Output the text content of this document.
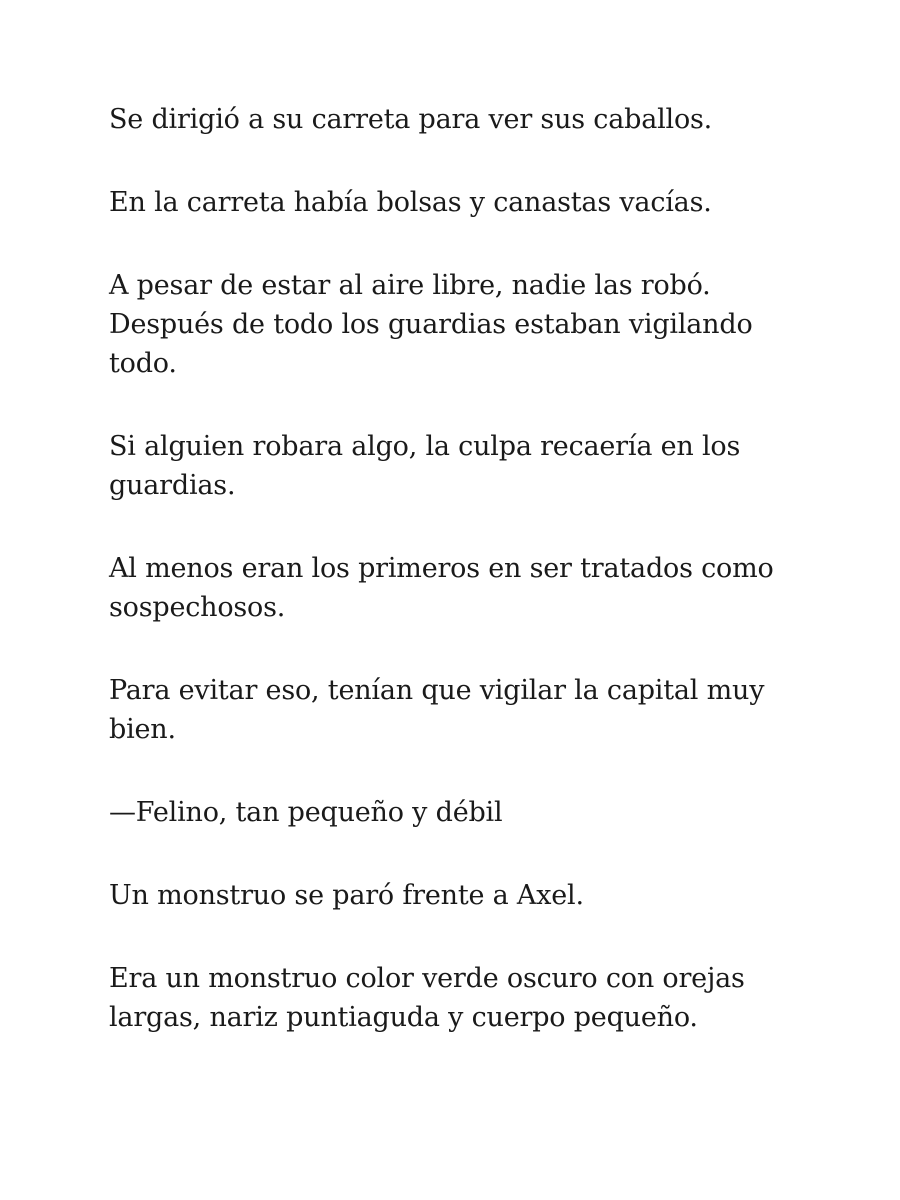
Se dirigió a su carreta para ver sus caballos.

En la carreta había bolsas y canastas vacías.

A pesar de estar al aire libre, nadie las robó. Después de todo los guardias estaban vigilando todo.

Si alguien robara algo, la culpa recaería en los guardias.

Al menos eran los primeros en ser tratados como sospechosos.

Para evitar eso, tenían que vigilar la capital muy bien.

—Felino, tan pequeño y débil

Un monstruo se paró frente a Axel.

Era un monstruo color verde oscuro con orejas largas, nariz puntiaguda y cuerpo pequeño.
